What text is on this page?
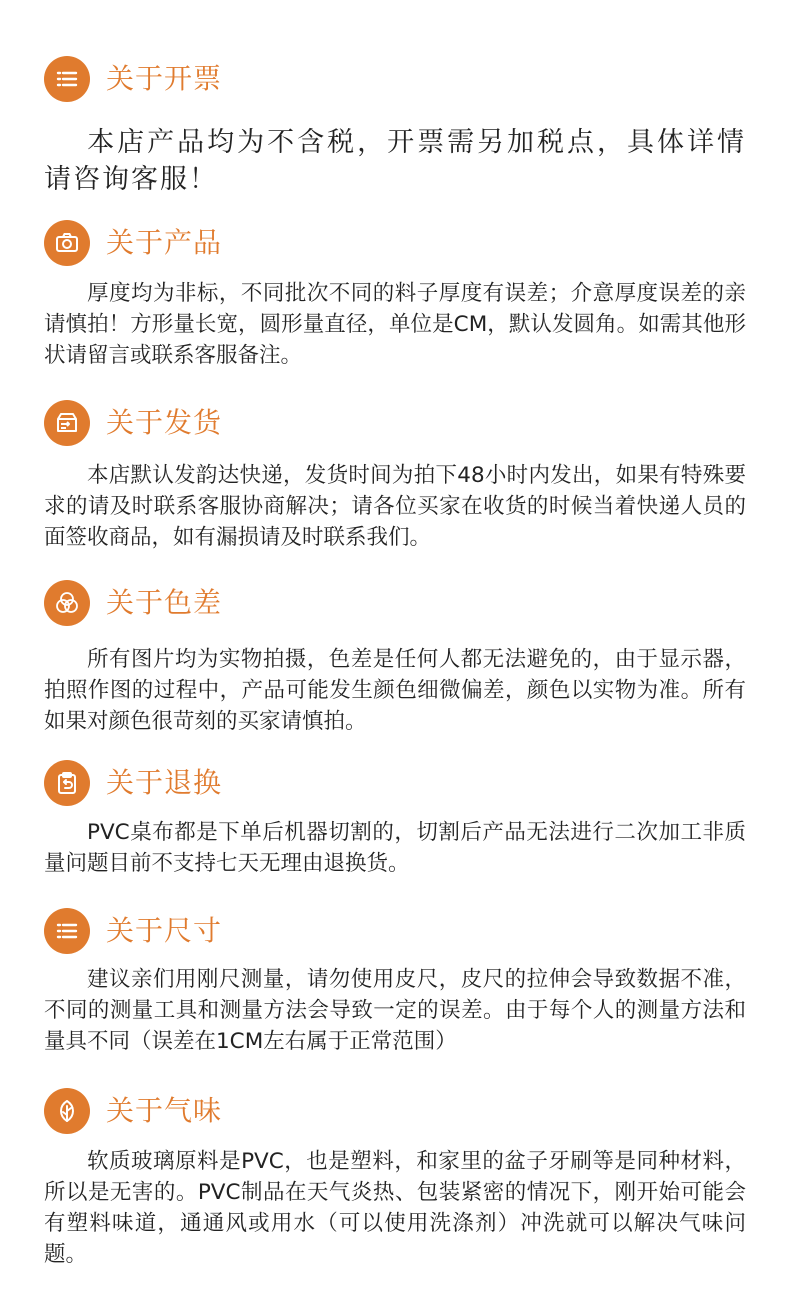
关于开票
本店产品均为不含税，开票需另加税点，具体详情请咨询客服！
关于产品
厚度均为非标，不同批次不同的料子厚度有误差；介意厚度误差的亲请慎拍！方形量长宽，圆形量直径，单位是CM，默认发圆角。如需其他形状请留言或联系客服备注。
关于发货
本店默认发韵达快递，发货时间为拍下48小时内发出，如果有特殊要求的请及时联系客服协商解决；请各位买家在收货的时候当着快递人员的面签收商品，如有漏损请及时联系我们。
关于色差
所有图片均为实物拍摄，色差是任何人都无法避免的，由于显示器，拍照作图的过程中，产品可能发生颜色细微偏差，颜色以实物为准。所有如果对颜色很苛刻的买家请慎拍。
关于退换
PVC桌布都是下单后机器切割的，切割后产品无法进行二次加工非质量问题目前不支持七天无理由退换货。
关于尺寸
建议亲们用刚尺测量，请勿使用皮尺，皮尺的拉伸会导致数据不准，不同的测量工具和测量方法会导致一定的误差。由于每个人的测量方法和量具不同（误差在1CM左右属于正常范围）
关于气味
软质玻璃原料是PVC，也是塑料，和家里的盆子牙刷等是同种材料，所以是无害的。PVC制品在天气炎热、包装紧密的情况下，刚开始可能会有塑料味道，通通风或用水（可以使用洗涤剂）冲洗就可以解决气味问题。
